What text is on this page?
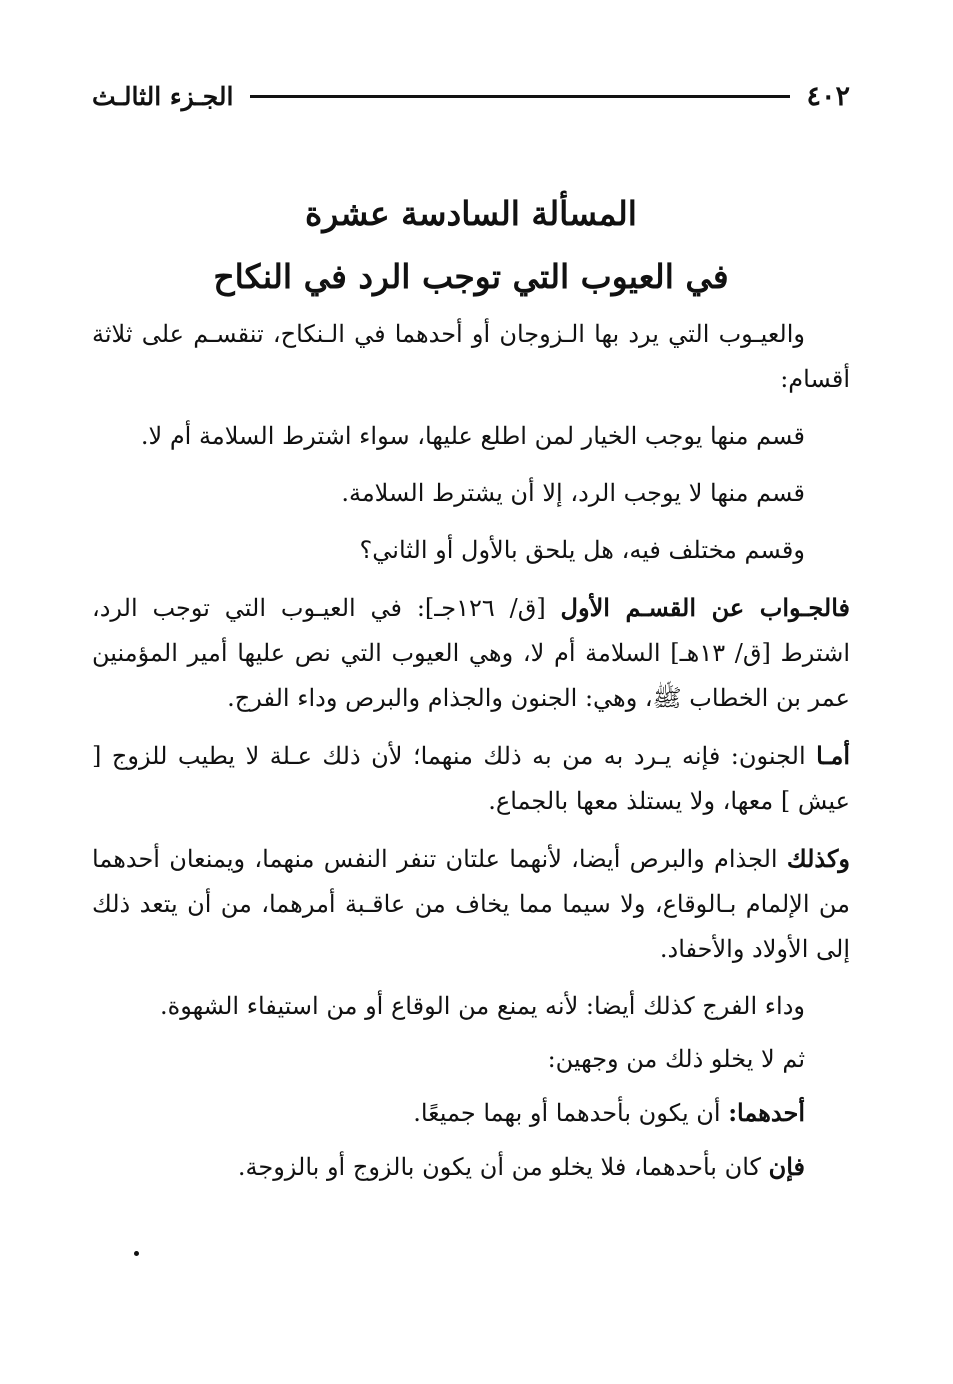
٤٠٢
الجـزء الثالـث
المسألة السادسة عشرة
في العيوب التي توجب الرد في النكاح

والعيـوب التي يرد بها الـزوجان أو أحدهما في الـنكاح، تنقسـم على ثلاثة أقسام:

قسم منها يوجب الخيار لمن اطلع عليها، سواء اشترط السلامة أم لا.

قسم منها لا يوجب الرد، إلا أن يشترط السلامة.

وقسم مختلف فيه، هل يلحق بالأول أو الثاني؟

فالجـواب عن القسـم الأول [ق/ ١٢٦جـ]: في العيـوب التي توجب الرد، اشترط [ق/ ١٣هـ] السلامة أم لا، وهي العيوب التي نص عليها أمير المؤمنين عمر بن الخطاب ﷺ، وهي: الجنون والجذام والبرص وداء الفرج.

أمـا الجنون: فإنه يـرد به من به ذلك منهما؛ لأن ذلك عـلة لا يطيب للزوج [ عيش ] معها، ولا يستلذ معها بالجماع.

وكذلك الجذام والبرص أيضا، لأنهما علتان تنفر النفس منهما، ويمنعان أحدهما من الإلمام بـالوقاع، ولا سيما مما يخاف من عاقـبة أمرهما، من أن يتعد ذلك إلى الأولاد والأحفاد.

وداء الفرج كذلك أيضا: لأنه يمنع من الوقاع أو من استيفاء الشهوة.

ثم لا يخلو ذلك من وجهين:

أحدهما: أن يكون بأحدهما أو بهما جميعًا.

فإن كان بأحدهما، فلا يخلو من أن يكون بالزوج أو بالزوجة.
